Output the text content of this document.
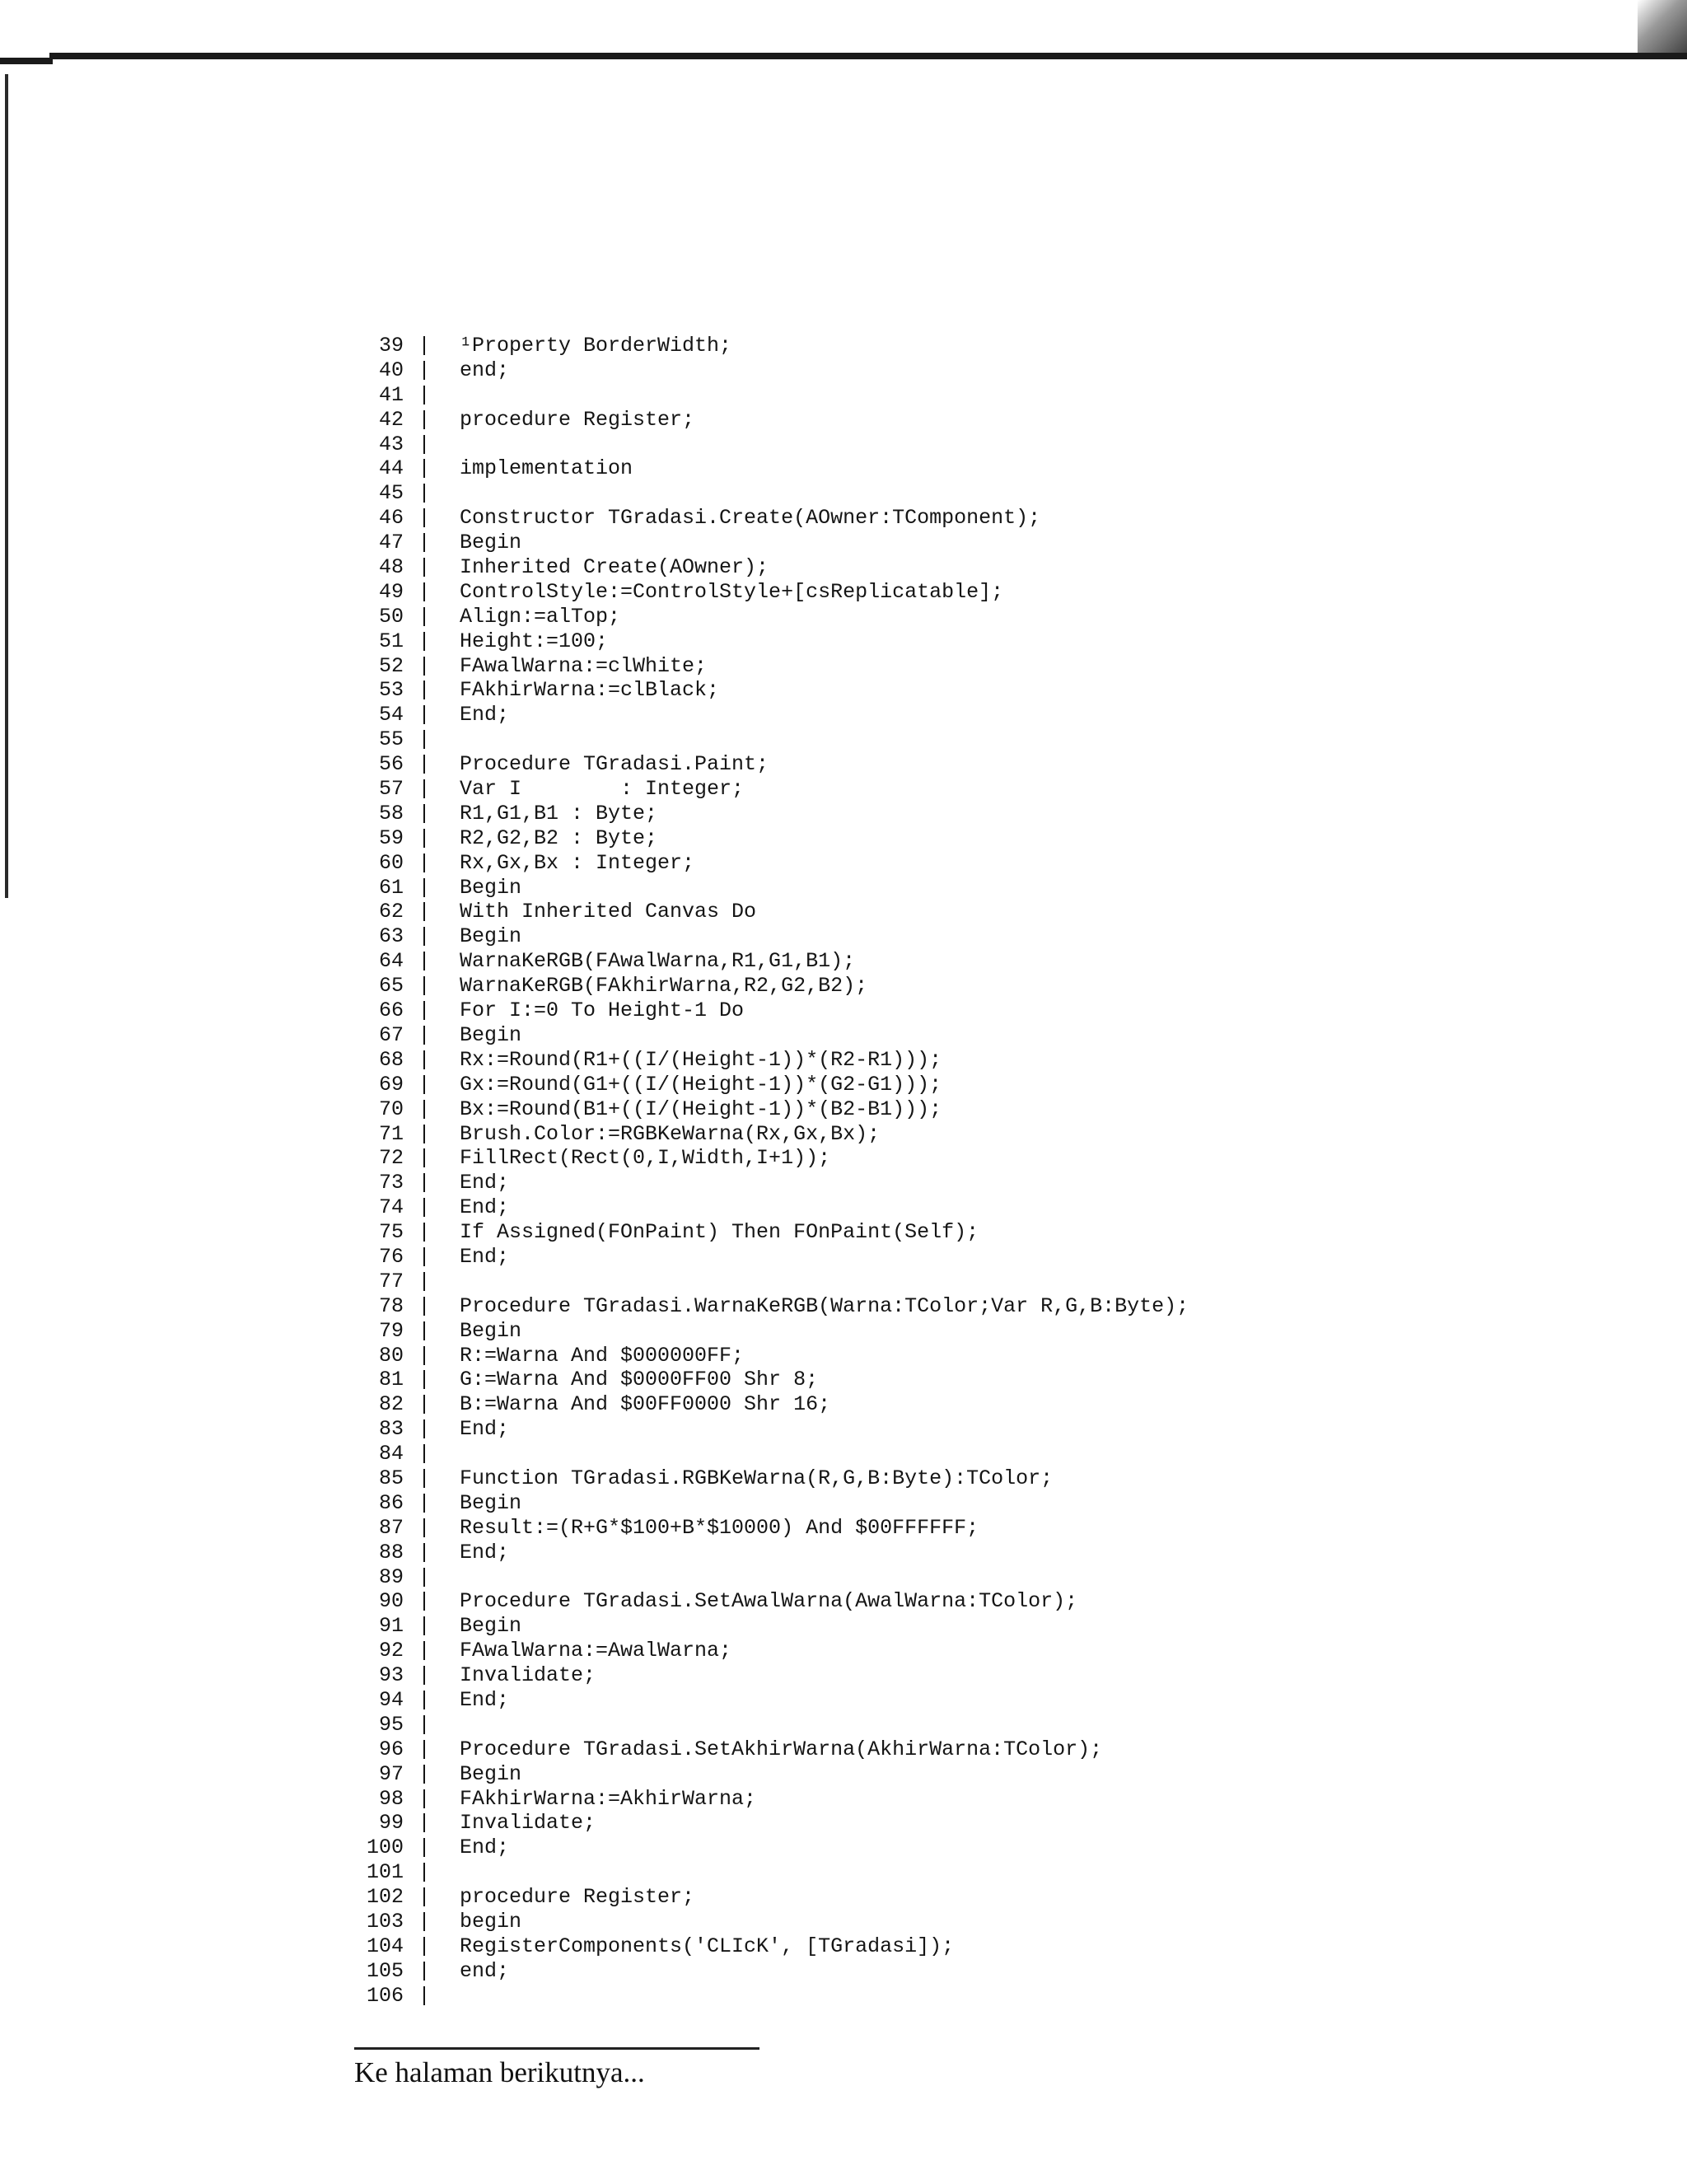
39 |	¹Property BorderWidth;
40 |	end;
41 |
42 |	procedure Register;
43 |
44 |	implementation
45 |
46 |	Constructor TGradasi.Create(AOwner:TComponent);
47 |	Begin
48 |	Inherited Create(AOwner);
49 |	ControlStyle:=ControlStyle+[csReplicatable];
50 |	Align:=alTop;
51 |	Height:=100;
52 |	FAwalWarna:=clWhite;
53 |	FAkhirWarna:=clBlack;
54 |	End;
55 |
56 |	Procedure TGradasi.Paint;
57 |	Var I        : Integer;
58 |	R1,G1,B1 : Byte;
59 |	R2,G2,B2 : Byte;
60 |	Rx,Gx,Bx : Integer;
61 |	Begin
62 |	With Inherited Canvas Do
63 |	Begin
64 |	WarnaKeRGB(FAwalWarna,R1,G1,B1);
65 |	WarnaKeRGB(FAkhirWarna,R2,G2,B2);
66 |	For I:=0 To Height-1 Do
67 |	Begin
68 |	Rx:=Round(R1+((I/(Height-1))*(R2-R1)));
69 |	Gx:=Round(G1+((I/(Height-1))*(G2-G1)));
70 |	Bx:=Round(B1+((I/(Height-1))*(B2-B1)));
71 |	Brush.Color:=RGBKeWarna(Rx,Gx,Bx);
72 |	FillRect(Rect(0,I,Width,I+1));
73 |	End;
74 |	End;
75 |	If Assigned(FOnPaint) Then FOnPaint(Self);
76 |	End;
77 |
78 |	Procedure TGradasi.WarnaKeRGB(Warna:TColor;Var R,G,B:Byte);
79 |	Begin
80 |	R:=Warna And $000000FF;
81 |	G:=Warna And $0000FF00 Shr 8;
82 |	B:=Warna And $00FF0000 Shr 16;
83 |	End;
84 |
85 |	Function TGradasi.RGBKeWarna(R,G,B:Byte):TColor;
86 |	Begin
87 |	Result:=(R+G*$100+B*$10000) And $00FFFFFF;
88 |	End;
89 |
90 |	Procedure TGradasi.SetAwalWarna(AwalWarna:TColor);
91 |	Begin
92 |	FAwalWarna:=AwalWarna;
93 |	Invalidate;
94 |	End;
95 |
96 |	Procedure TGradasi.SetAkhirWarna(AkhirWarna:TColor);
97 |	Begin
98 |	FAkhirWarna:=AkhirWarna;
99 |	Invalidate;
100 |	End;
101 |
102 |	procedure Register;
103 |	begin
104 |	RegisterComponents('CLIcK', [TGradasi]);
105 |	end;
106 |
Ke halaman berikutnya...
